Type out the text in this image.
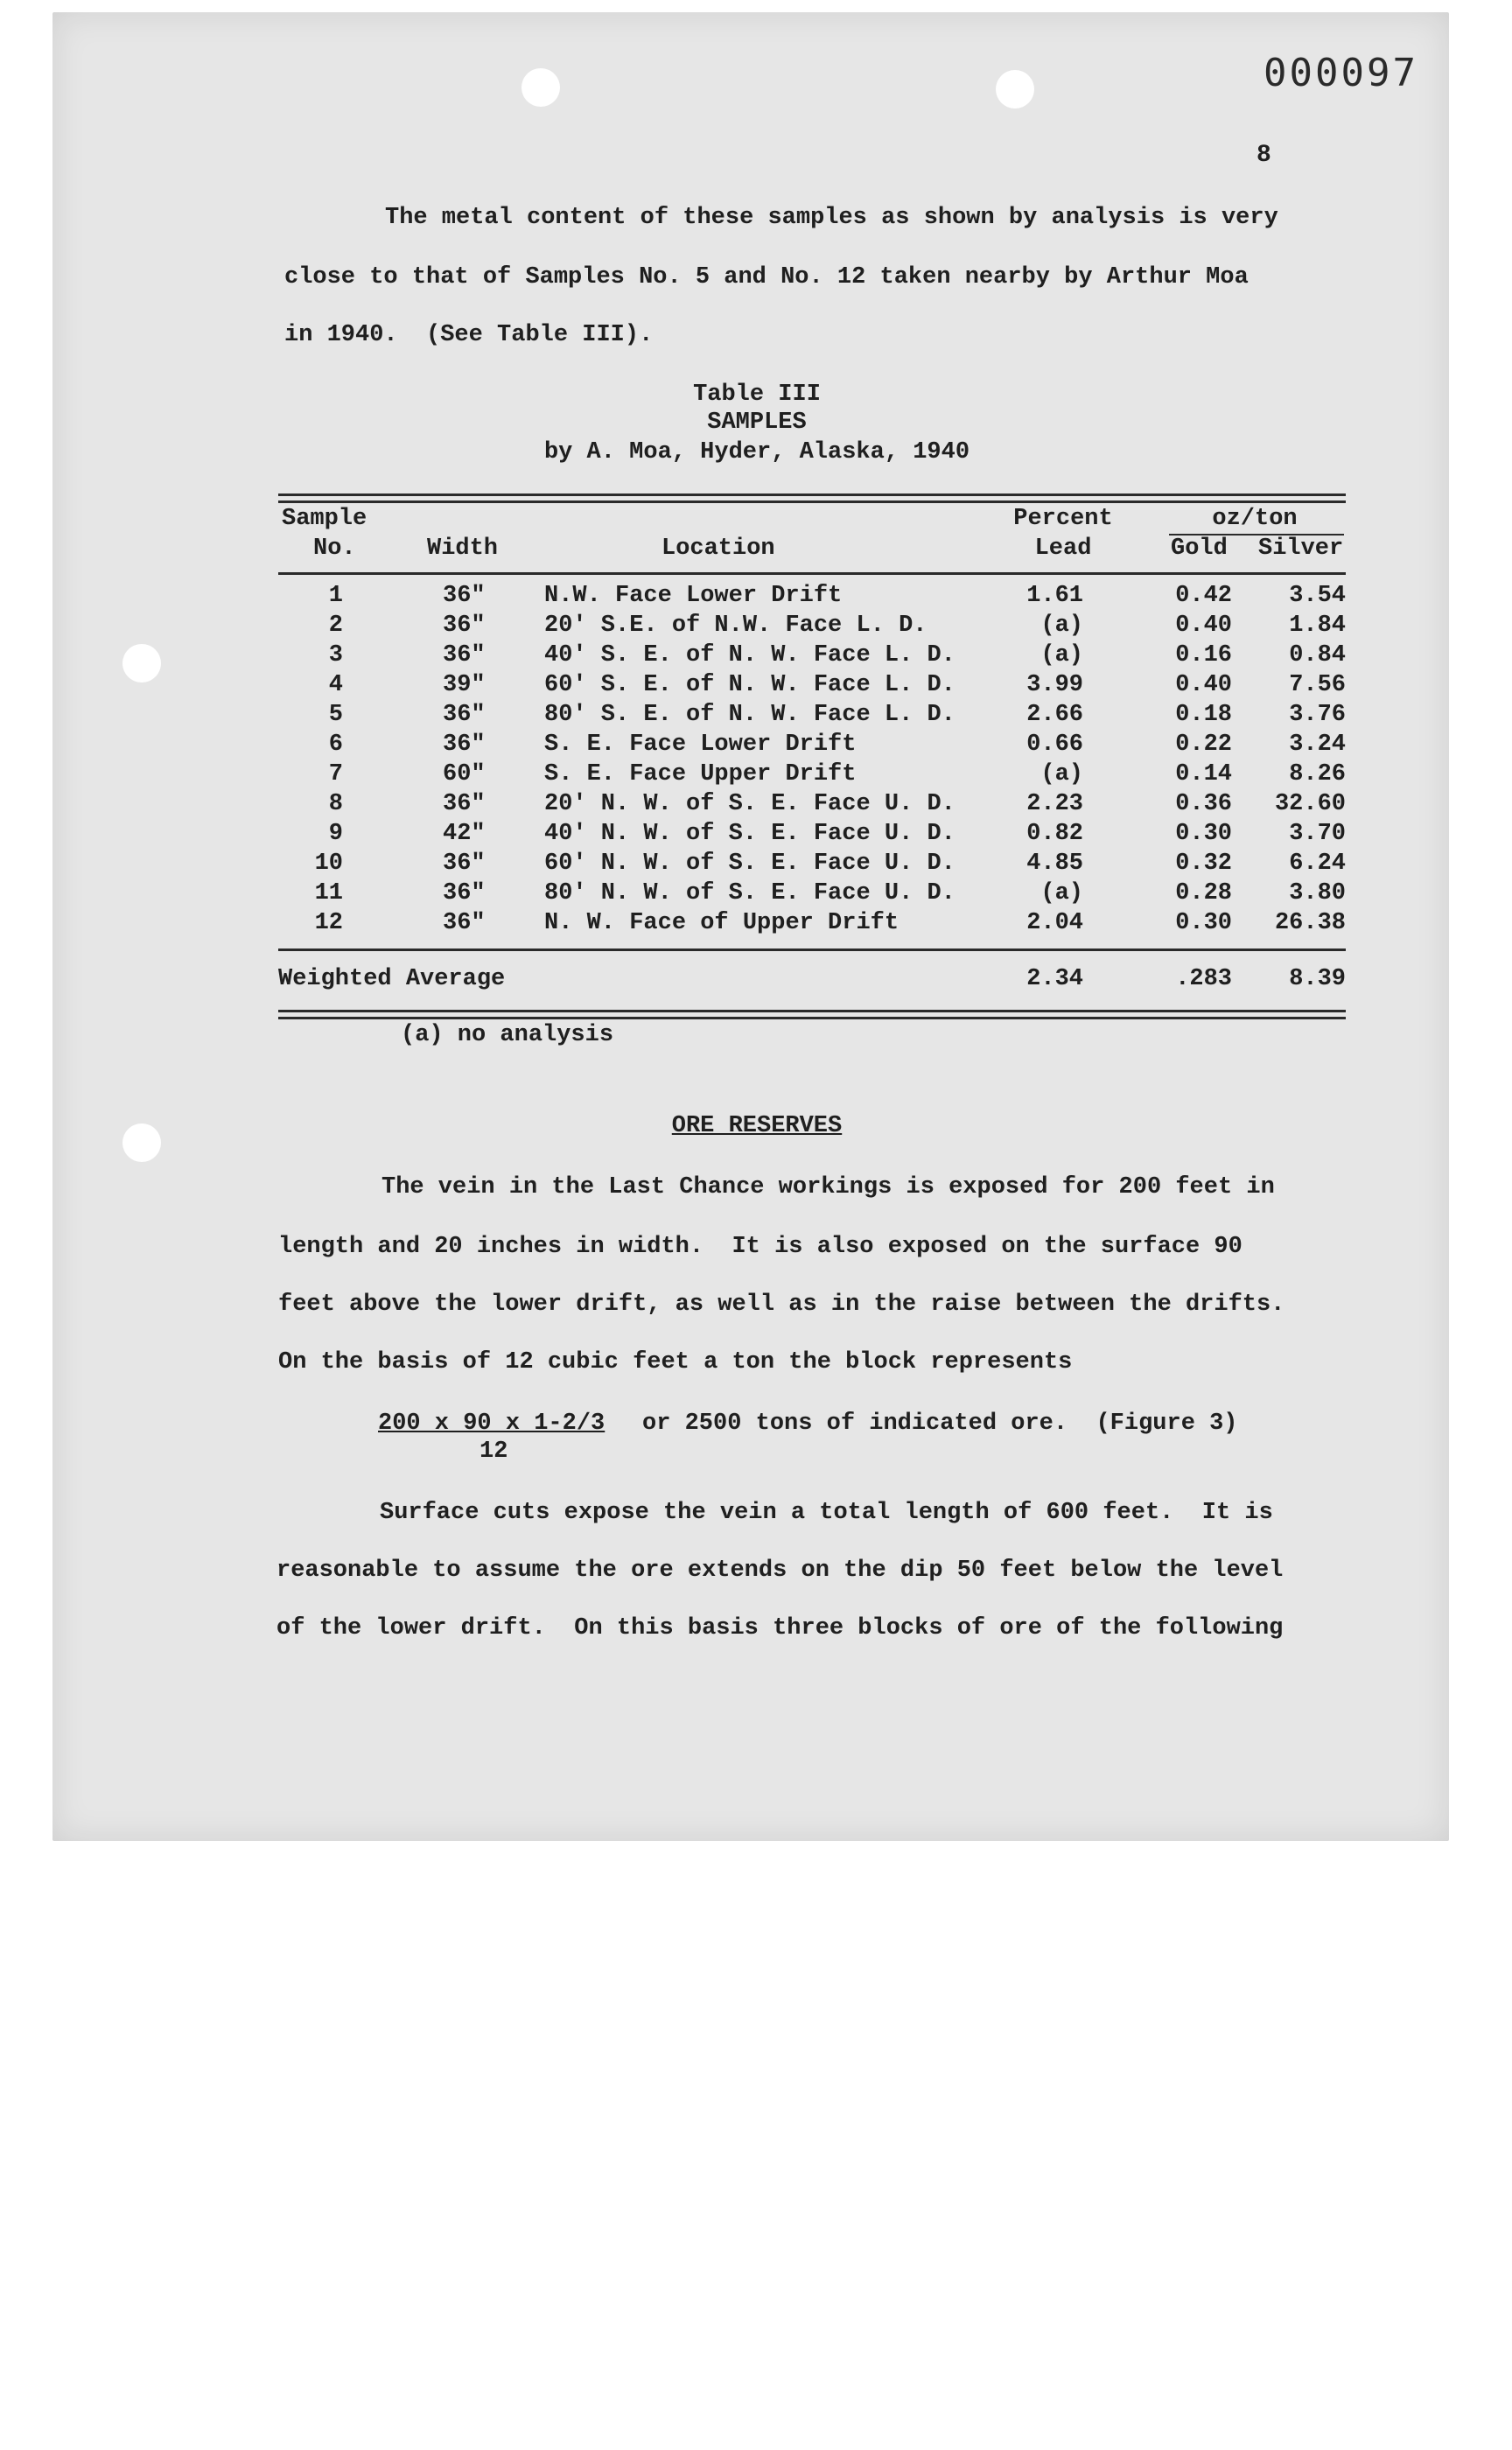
000097
8
The metal content of these samples as shown by analysis is very
close to that of Samples No. 5 and No. 12 taken nearby by Arthur Moa
in 1940.  (See Table III).
Table III
SAMPLES
by A. Moa, Hyder, Alaska, 1940
Sample
No.	Width	Location
Percent
Lead
oz/ton
Gold Silver
1	36" N.W. Face Lower Drift	1.61	0.42	3.54
2	36" 20' S.E. of N.W. Face L. D.	(a)	0.40	1.84
3	36" 40' S. E. of N. W. Face L. D.	(a)	0.16	0.84
4	39" 60' S. E. of N. W. Face L. D.	3.99	0.40	7.56
5	36" 80' S. E. of N. W. Face L. D.	2.66	0.18	3.76
6	36" S. E. Face Lower Drift	0.66	0.22	3.24
7	60" S. E. Face Upper Drift	(a)	0.14	8.26
8	36" 20' N. W. of S. E. Face U. D.	2.23	0.36	32.60
9	42" 40' N. W. of S. E. Face U. D.	0.82	0.30	3.70
10	36" 60' N. W. of S. E. Face U. D.	4.85	0.32	6.24
11	36" 80' N. W. of S. E. Face U. D.	(a)	0.28	3.80
12	36" N. W. Face of Upper Drift	2.04	0.30	26.38
Weighted Average	2.34	.283	8.39
(a) no analysis
ORE RESERVES
The vein in the Last Chance workings is exposed for 200 feet in
length and 20 inches in width.  It is also exposed on the surface 90
feet above the lower drift, as well as in the raise between the drifts.
On the basis of 12 cubic feet a ton the block represents
200 x 90 x 1-2/3
12
or 2500 tons of indicated ore.  (Figure 3)
Surface cuts expose the vein a total length of 600 feet.  It is
reasonable to assume the ore extends on the dip 50 feet below the level
of the lower drift.  On this basis three blocks of ore of the following
